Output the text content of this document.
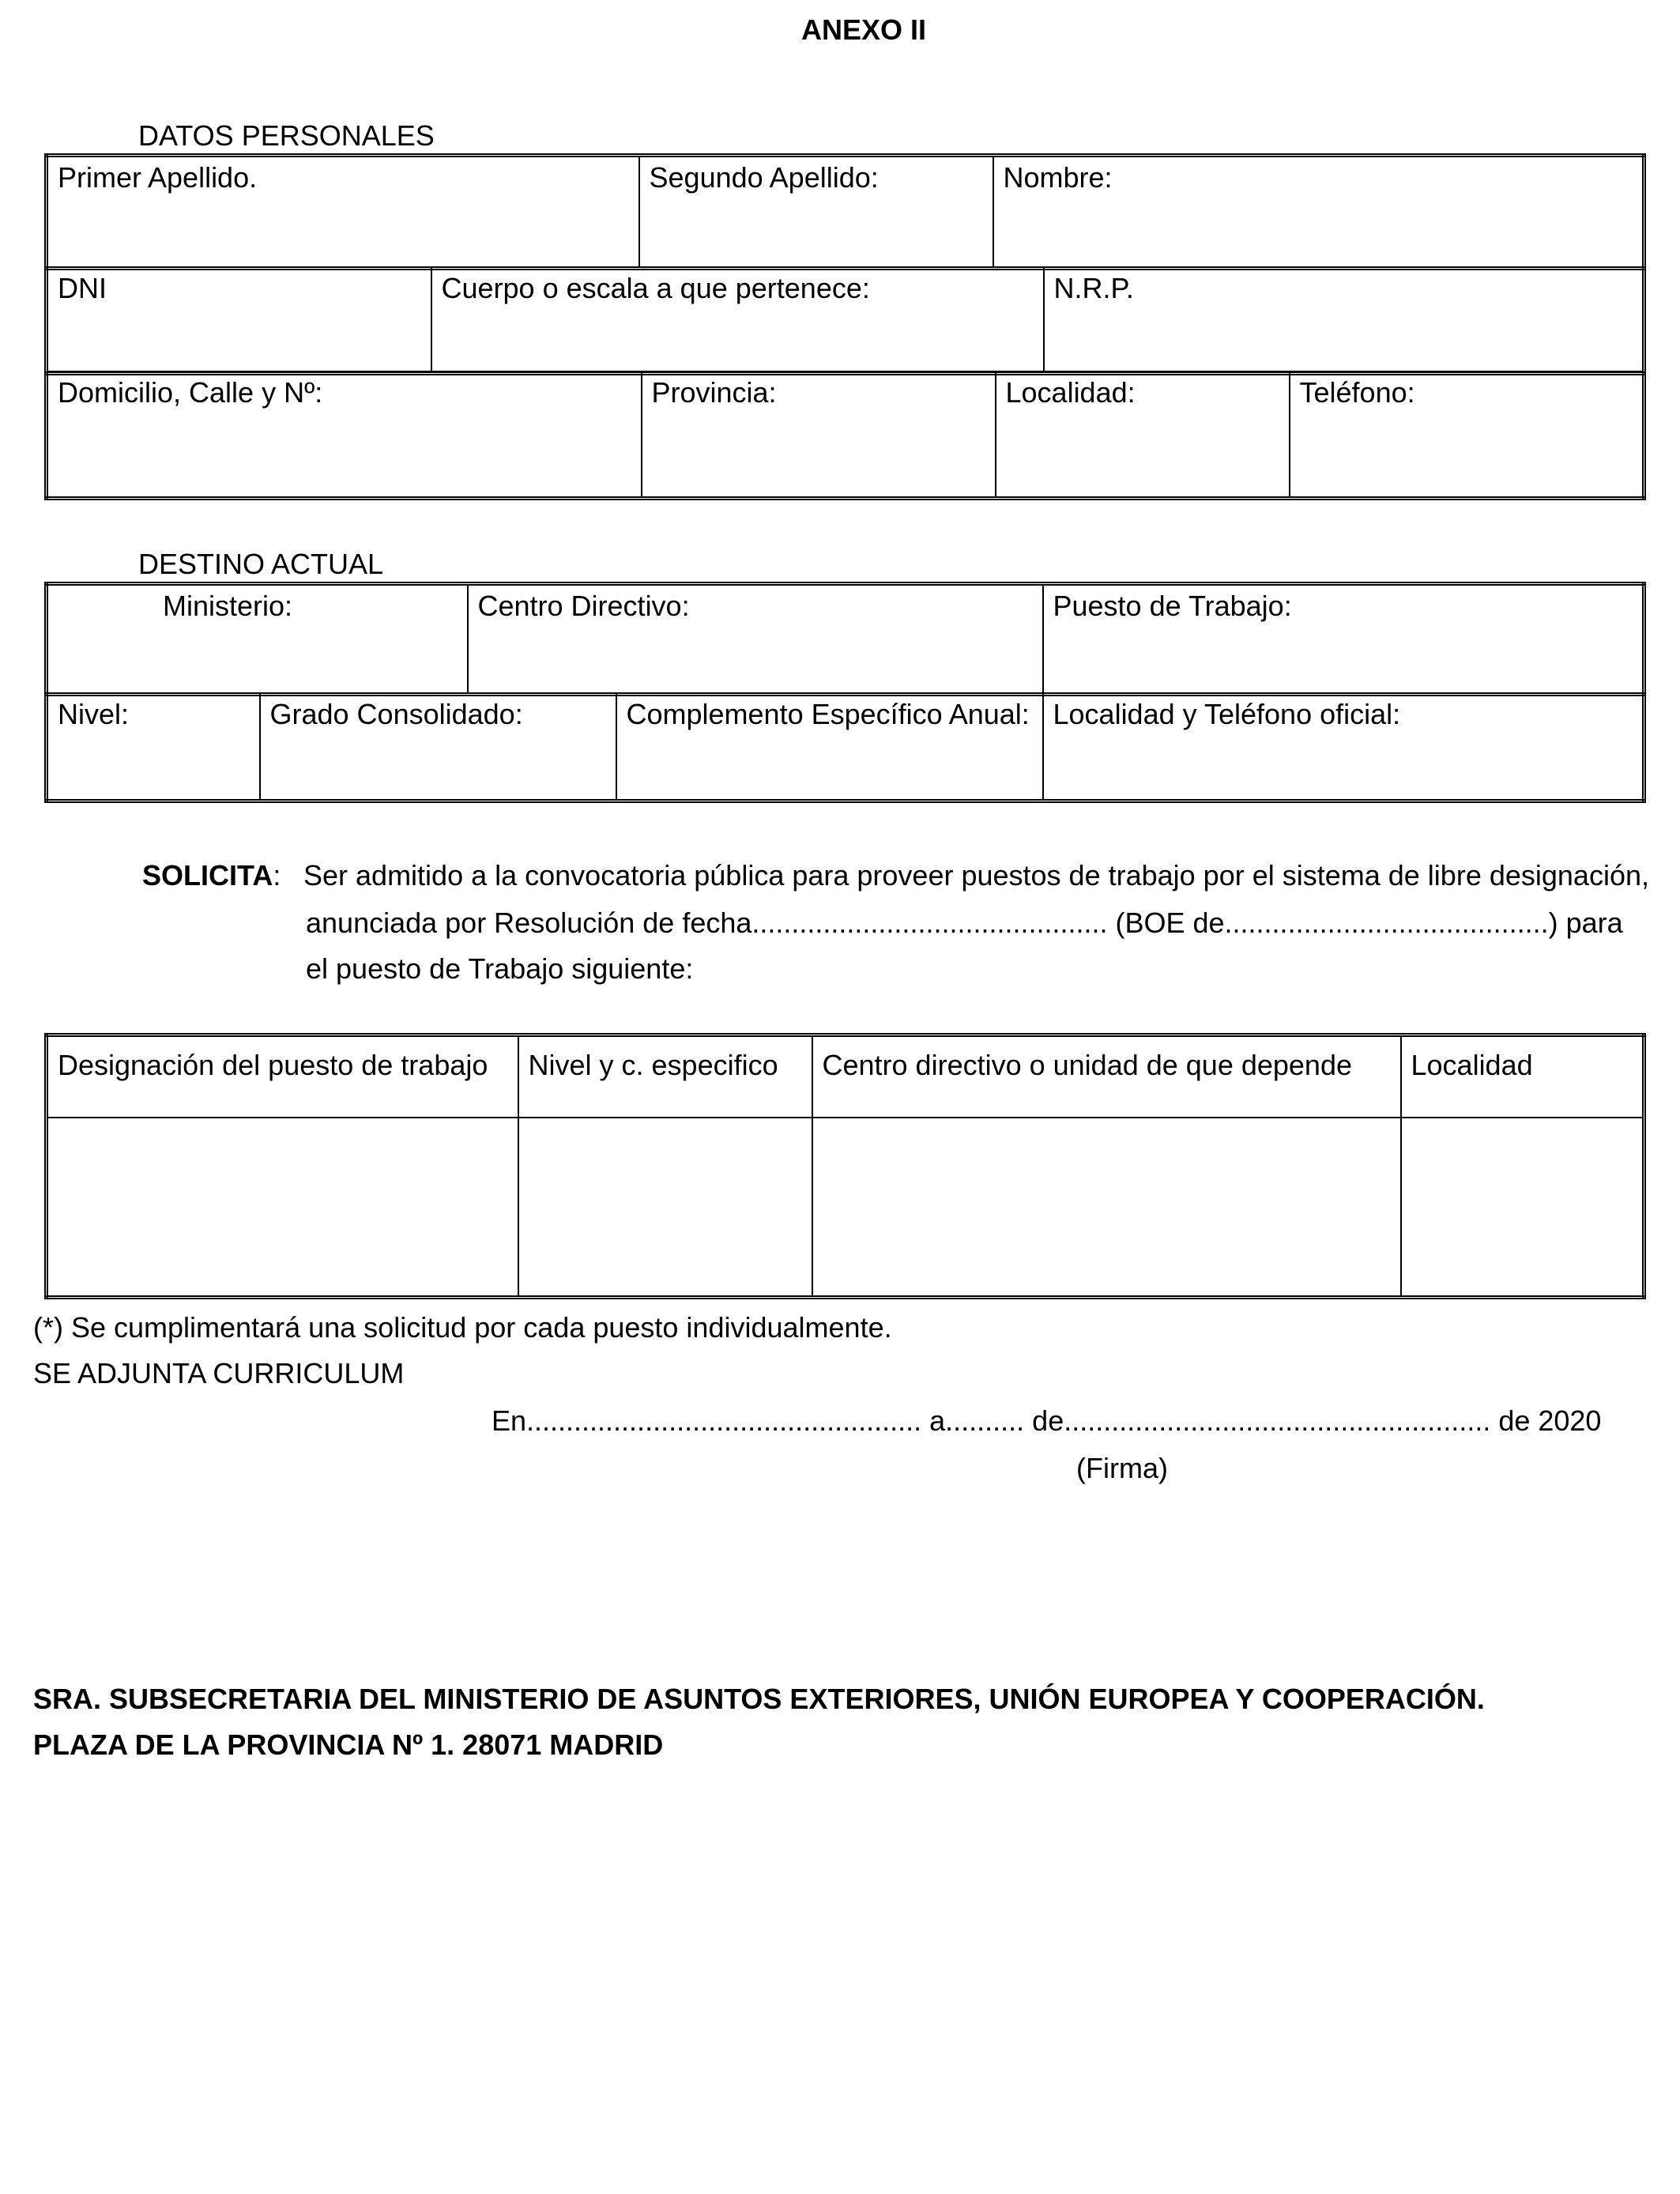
ANEXO II
DATOS PERSONALES
Primer Apellido.	Segundo Apellido:	Nombre:
DNI	Cuerpo o escala a que pertenece:	N.R.P.
Domicilio, Calle y Nº:	Provincia:	Localidad:	Teléfono:
DESTINO ACTUAL
Ministerio:	Centro Directivo:	Puesto de Trabajo:
Nivel:	Grado Consolidado:	Complemento Específico Anual:	Localidad y Teléfono oficial:
SOLICITA: Ser admitido a la convocatoria pública para proveer puestos de trabajo por el sistema de libre designación,
anunciada por Resolución de fecha............................................. (BOE de.........................................) para
el puesto de Trabajo siguiente:
Designación del puesto de trabajo	Nivel y c. especifico	Centro directivo o unidad de que depende	Localidad

(*) Se cumplimentará una solicitud por cada puesto individualmente.
SE ADJUNTA CURRICULUM
En.................................................. a.......... de...................................................... de 2020
(Firma)
SRA. SUBSECRETARIA DEL MINISTERIO DE ASUNTOS EXTERIORES, UNIÓN EUROPEA Y COOPERACIÓN.
PLAZA DE LA PROVINCIA Nº 1. 28071 MADRID
